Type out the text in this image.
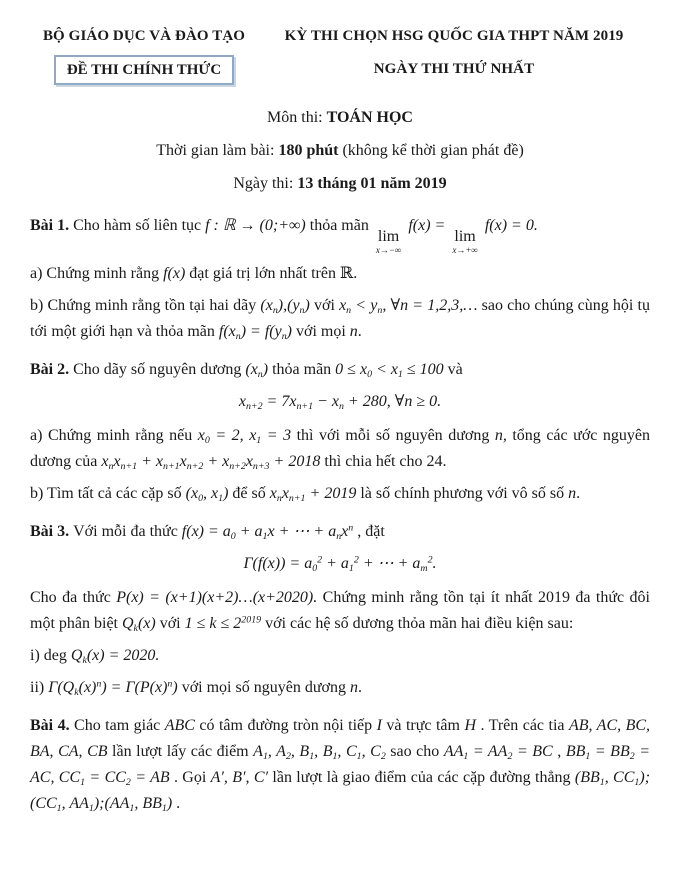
BỘ GIÁO DỤC VÀ ĐÀO TẠO
ĐỀ THI CHÍNH THỨC
KỲ THI CHỌN HSG QUỐC GIA THPT NĂM 2019
NGÀY THI THỨ NHẤT
Môn thi: TOÁN HỌC
Thời gian làm bài: 180 phút (không kể thời gian phát đề)
Ngày thi: 13 tháng 01 năm 2019

Bài 1. Cho hàm số liên tục f : ℝ → (0;+∞) thỏa mãn
lim
x→−∞
f(x) =
lim
x→+∞
f(x) = 0.

a) Chứng minh rằng f(x) đạt giá trị lớn nhất trên ℝ.

b) Chứng minh rằng tồn tại hai dãy $(x_n),(y_n)$ với $x_n < y_n$, ∀n = 1,2,3,… sao cho chúng cùng hội tụ tới một giới hạn và thỏa mãn $f(x_n) = f(y_n)$ với mọi n.

Bài 2. Cho dãy số nguyên dương $(x_n)$ thỏa mãn $0 \le x_0 < x_1 \le 100$ và

$x_{n+2} = 7x_{n+1} - x_n + 280$, ∀n ≥ 0.

a) Chứng minh rằng nếu $x_0 = 2$, $x_1 = 3$ thì với mỗi số nguyên dương n, tổng các ước nguyên dương của $x_nx_{n+1} + x_{n+1}x_{n+2} + x_{n+2}x_{n+3} + 2018$ thì chia hết cho 24.

b) Tìm tất cả các cặp số ($x_0$, $x_1$) để số $x_nx_{n+1} + 2019$ là số chính phương với vô số số n.

Bài 3. Với mỗi đa thức $f(x) = a_0 + a_1x$ + ⋯ + $a_nx^n$ , đặt

$\Gamma(f(x)) = a_0^2 + a_1^2$ + ⋯ + $a_m^2$.

Cho đa thức P(x) = (x+1)(x+2)…(x+2020). Chứng minh rằng tồn tại ít nhất 2019 đa thức đôi một phân biệt $Q_k(x)$ với $1 \le k \le 2^{2019}$ với các hệ số dương thỏa mãn hai điều kiện sau:

i) deg $Q_k(x) = 2020$.

ii) $\Gamma(Q_k(x)^n) = \Gamma(P(x)^n)$ với mọi số nguyên dương n.

Bài 4. Cho tam giác ABC có tâm đường tròn nội tiếp I và trực tâm H . Trên các tia AB, AC, BC, BA, CA, CB lần lượt lấy các điểm $A_1$, $A_2$, $B_1$, $B_1$, $C_1$, $C_2$ sao cho $AA_1 = AA_2$ = BC , $BB_1 = BB_2$ = AC, $CC_1 = CC_2$ = AB . Gọi A′, B′, C′ lần lượt là giao điểm của các cặp đường thẳng ($BB_1$, $CC_1);(CC_1$, $AA_1);(AA_1$, $BB_1$) .
